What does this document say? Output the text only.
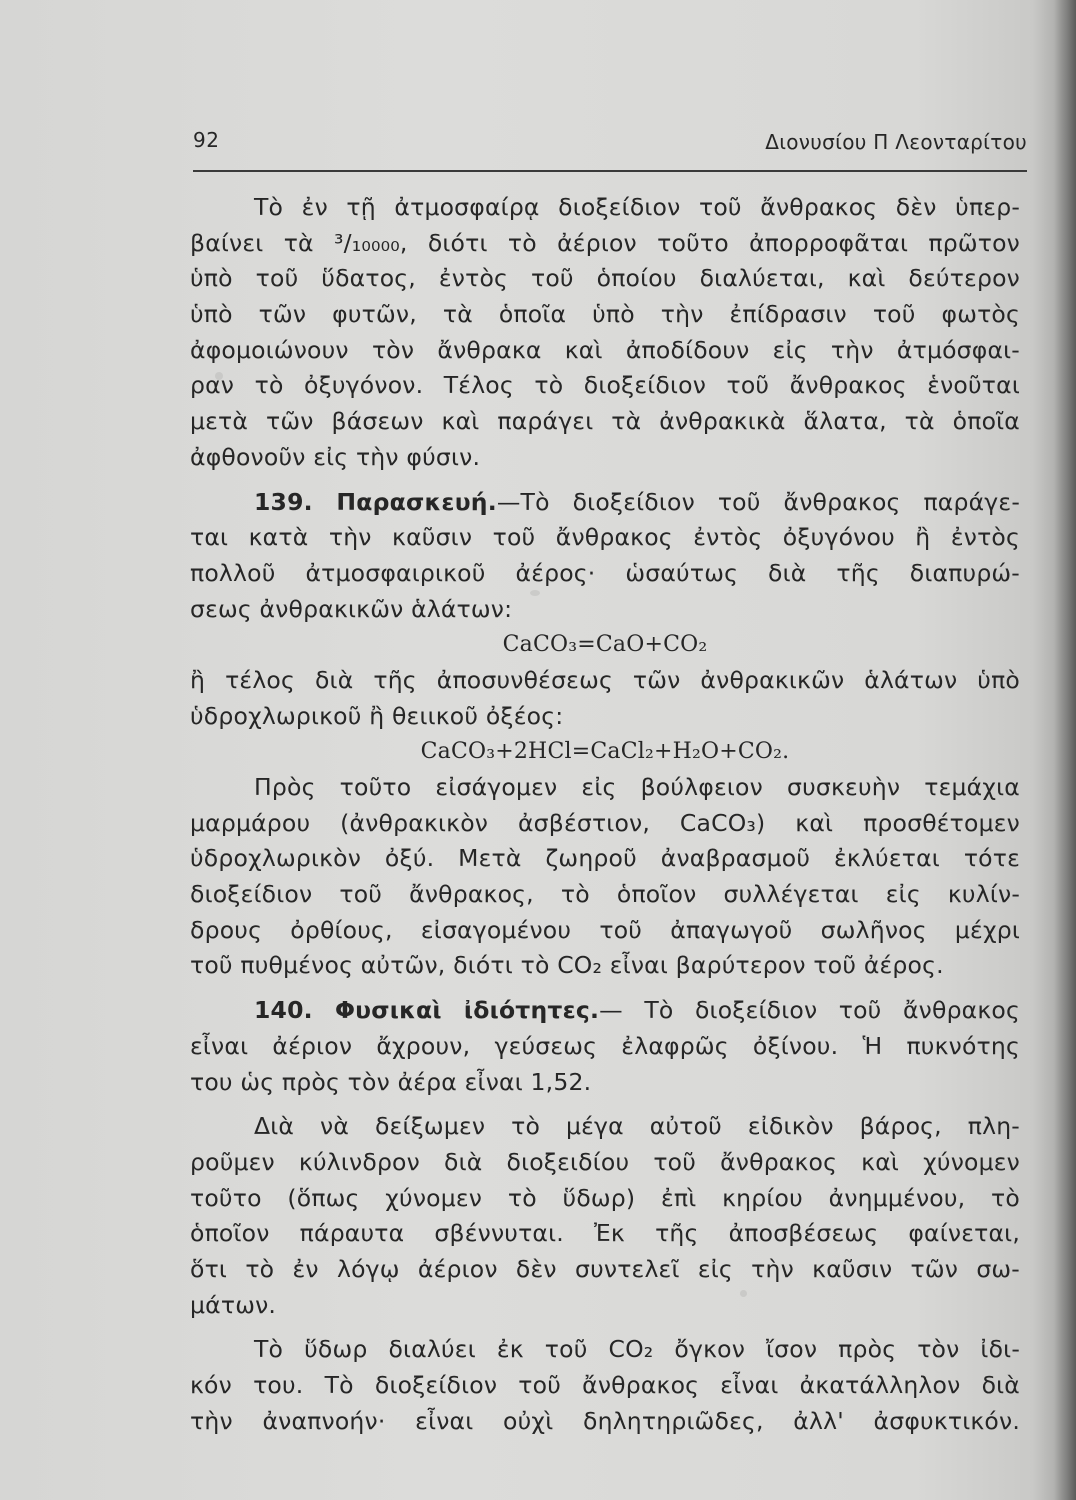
92	Διονυσίου Π Λεονταρίτου
Τὸ ἐν τῇ ἀτμοσφαίρᾳ διοξείδιον τοῦ ἄνθρακος δὲν ὑπερ-
βαίνει τὰ ³/₁₀₀₀₀, διότι τὸ ἀέριον τοῦτο ἀπορροφᾶται πρῶτον
ὑπὸ τοῦ ὕδατος, ἐντὸς τοῦ ὁποίου διαλύεται, καὶ δεύτερον
ὑπὸ τῶν φυτῶν, τὰ ὁποῖα ὑπὸ τὴν ἐπίδρασιν τοῦ φωτὸς
ἀφομοιώνουν τὸν ἄνθρακα καὶ ἀποδίδουν εἰς τὴν ἀτμόσφαι-
ραν τὸ ὀξυγόνον. Τέλος τὸ διοξείδιον τοῦ ἄνθρακος ἑνοῦται
μετὰ τῶν βάσεων καὶ παράγει τὰ ἀνθρακικὰ ἅλατα, τὰ ὁποῖα
ἀφθονοῦν εἰς τὴν φύσιν.
139. Παρασκευή.—Τὸ διοξείδιον τοῦ ἄνθρακος παράγε-
ται κατὰ τὴν καῦσιν τοῦ ἄνθρακος ἐντὸς ὀξυγόνου ἢ ἐντὸς
πολλοῦ ἀτμοσφαιρικοῦ ἀέρος· ὡσαύτως διὰ τῆς διαπυρώ-
σεως ἀνθρακικῶν ἁλάτων:
CaCO₃=CaO+CO₂
ἢ τέλος διὰ τῆς ἀποσυνθέσεως τῶν ἀνθρακικῶν ἁλάτων ὑπὸ
ὑδροχλωρικοῦ ἢ θειικοῦ ὀξέος:
CaCO₃+2HCl=CaCl₂+H₂O+CO₂.
Πρὸς τοῦτο εἰσάγομεν εἰς βούλφειον συσκευὴν τεμάχια
μαρμάρου (ἀνθρακικὸν ἀσβέστιον, CaCO₃) καὶ προσθέτομεν
ὑδροχλωρικὸν ὀξύ. Μετὰ ζωηροῦ ἀναβρασμοῦ ἐκλύεται τότε
διοξείδιον τοῦ ἄνθρακος, τὸ ὁποῖον συλλέγεται εἰς κυλίν-
δρους ὀρθίους, εἰσαγομένου τοῦ ἀπαγωγοῦ σωλῆνος μέχρι
τοῦ πυθμένος αὐτῶν, διότι τὸ CO₂ εἶναι βαρύτερον τοῦ ἀέρος.
140. Φυσικαὶ ἰδιότητες.— Τὸ διοξείδιον τοῦ ἄνθρακος
εἶναι ἀέριον ἄχρουν, γεύσεως ἐλαφρῶς ὀξίνου. Ἡ πυκνότης
του ὡς πρὸς τὸν ἀέρα εἶναι 1,52.
Διὰ νὰ δείξωμεν τὸ μέγα αὐτοῦ εἰδικὸν βάρος, πλη-
ροῦμεν κύλινδρον διὰ διοξειδίου τοῦ ἄνθρακος καὶ χύνομεν
τοῦτο (ὅπως χύνομεν τὸ ὕδωρ) ἐπὶ κηρίου ἀνημμένου, τὸ
ὁποῖον πάραυτα σβέννυται. Ἐκ τῆς ἀποσβέσεως φαίνεται,
ὅτι τὸ ἐν λόγῳ ἀέριον δὲν συντελεῖ εἰς τὴν καῦσιν τῶν σω-
μάτων.
Τὸ ὕδωρ διαλύει ἐκ τοῦ CO₂ ὄγκον ἴσον πρὸς τὸν ἰδι-
κόν του. Τὸ διοξείδιον τοῦ ἄνθρακος εἶναι ἀκατάλληλον διὰ
τὴν ἀναπνοήν· εἶναι οὐχὶ δηλητηριῶδες, ἀλλ' ἀσφυκτικόν.
